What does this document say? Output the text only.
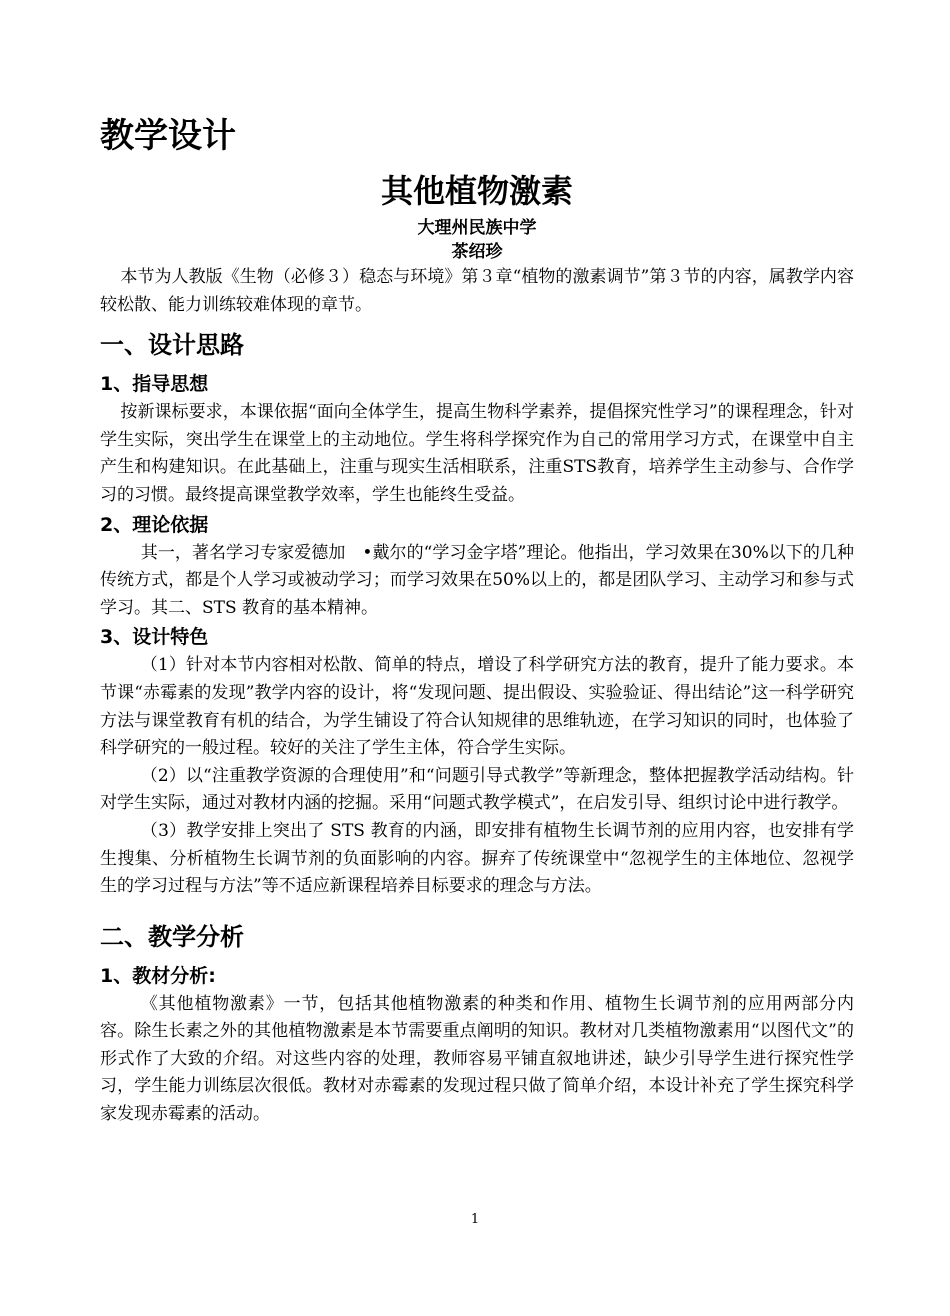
教学设计
其他植物激素
大理州民族中学
茶绍珍

本节为人教版《生物（必修３）稳态与环境》第３章“植物的激素调节”第３节的内容，属教学内容较松散、能力训练较难体现的章节。

一、设计思路
1、指导思想

按新课标要求，本课依据“面向全体学生，提高生物科学素养，提倡探究性学习”的课程理念，针对学生实际，突出学生在课堂上的主动地位。学生将科学探究作为自己的常用学习方式，在课堂中自主产生和构建知识。在此基础上，注重与现实生活相联系，注重STS教育，培养学生主动参与、合作学习的习惯。最终提高课堂教学效率，学生也能终生受益。

2、理论依据

其一，著名学习专家爱德加　•戴尔的“学习金字塔”理论。他指出，学习效果在30%以下的几种传统方式，都是个人学习或被动学习；而学习效果在50%以上的，都是团队学习、主动学习和参与式学习。其二、STS 教育的基本精神。

3、设计特色

（1）针对本节内容相对松散、简单的特点，增设了科学研究方法的教育，提升了能力要求。本节课“赤霉素的发现”教学内容的设计，将“发现问题、提出假设、实验验证、得出结论”这一科学研究方法与课堂教育有机的结合，为学生铺设了符合认知规律的思维轨迹，在学习知识的同时，也体验了科学研究的一般过程。较好的关注了学生主体，符合学生实际。

（2）以“注重教学资源的合理使用”和“问题引导式教学”等新理念，整体把握教学活动结构。针对学生实际，通过对教材内涵的挖掘。采用“问题式教学模式”，在启发引导、组织讨论中进行教学。

（3）教学安排上突出了 STS 教育的内涵，即安排有植物生长调节剂的应用内容，也安排有学生搜集、分析植物生长调节剂的负面影响的内容。摒弃了传统课堂中“忽视学生的主体地位、忽视学生的学习过程与方法”等不适应新课程培养目标要求的理念与方法。

二、教学分析
1、教材分析:

《其他植物激素》一节，包括其他植物激素的种类和作用、植物生长调节剂的应用两部分内容。除生长素之外的其他植物激素是本节需要重点阐明的知识。教材对几类植物激素用“以图代文”的形式作了大致的介绍。对这些内容的处理，教师容易平铺直叙地讲述，缺少引导学生进行探究性学习，学生能力训练层次很低。教材对赤霉素的发现过程只做了简单介绍，本设计补充了学生探究科学家发现赤霉素的活动。

1
